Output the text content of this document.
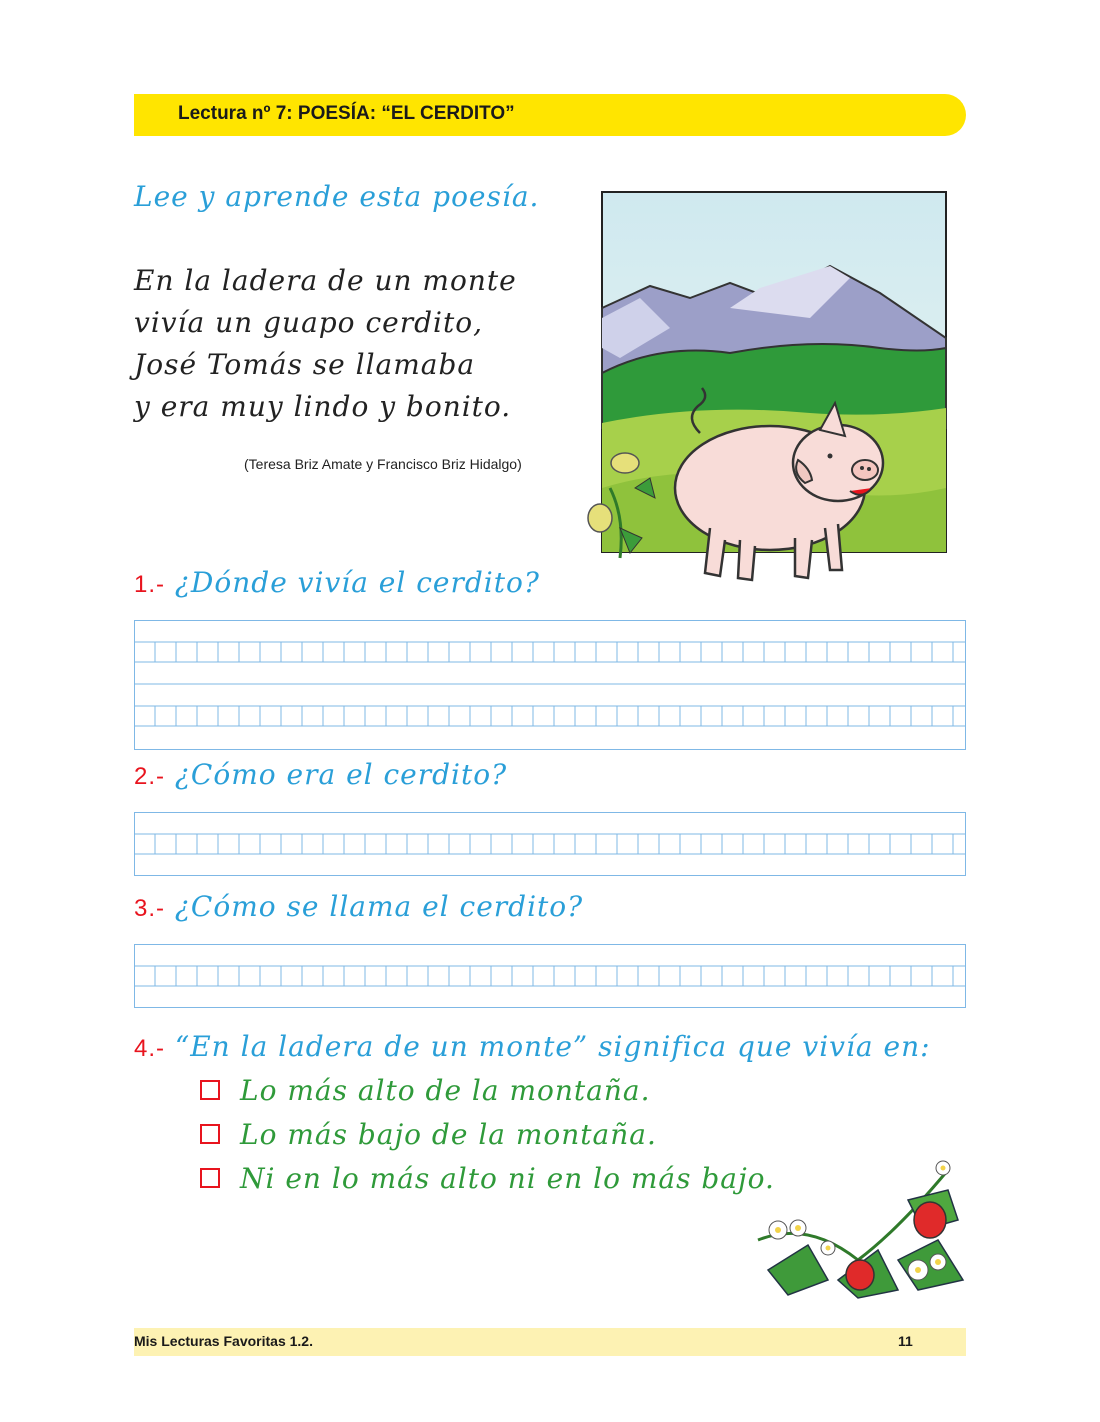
Lectura nº 7: POESÍA: “EL CERDITO”
Lee y aprende esta poesía.
En la ladera de un monte
vivía un guapo cerdito,
José Tomás se llamaba
y era muy lindo y bonito.
(Teresa Briz Amate y Francisco Briz Hidalgo)
1.- ¿Dónde vivía el cerdito?
2.- ¿Cómo era el cerdito?
3.- ¿Cómo se llama el cerdito?
4.- “En la ladera de un monte” significa que vivía en:
Lo más alto de la montaña.
Lo más bajo de la montaña.
Ni en lo más alto ni en lo más bajo.
Mis Lecturas Favoritas 1.2.	11
